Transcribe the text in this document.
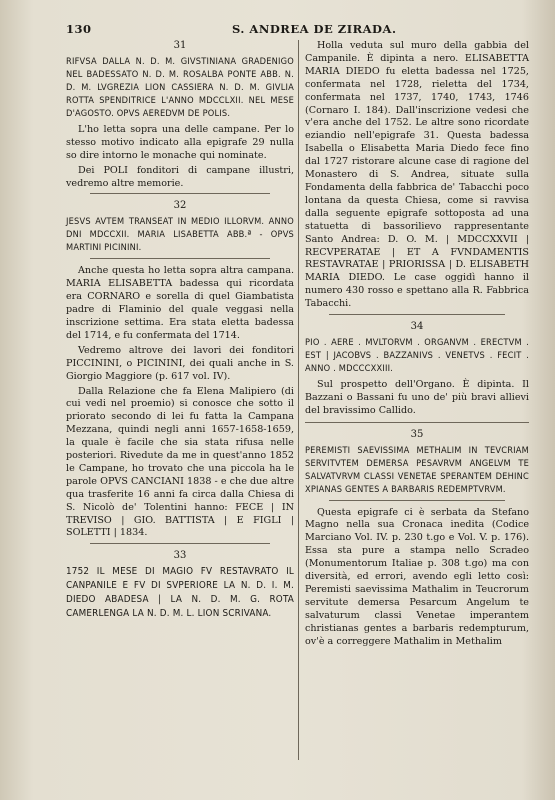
130	S. ANDREA DE ZIRADA.
31
RIFVSA DALLA N. D. M. GIVSTINIANA GRADENIGO NEL BADESSATO N. D. M. ROSALBA PONTE ABB. N. D. M. LVGREZIA LION CASSIERA N. D. M. GIVLIA ROTTA SPENDITRICE L'ANNO MDCCLXII. NEL MESE D'AGOSTO. OPVS AEREDVM DE POLIS.
L'ho letta sopra una delle campane. Per lo stesso motivo indicato alla epigrafe 29 nulla so dire intorno le monache qui nominate.
Dei POLI fonditori di campane illustri, vedremo altre memorie.
32
JESVS AVTEM TRANSEAT IN MEDIO ILLORVM. ANNO DNI MDCCXII. MARIA LISABETTA ABB.ª - OPVS MARTINI PICININI.
Anche questa ho letta sopra altra campana. MARIA ELISABETTA badessa qui ricordata era CORNARO e sorella di quel Giambatista padre di Flaminio del quale veggasi nella inscrizione settima. Era stata eletta badessa del 1714, e fu confermata del 1714.
Vedremo altrove dei lavori dei fonditori PICCININI, o PICININI, dei quali anche in S. Giorgio Maggiore (p. 617 vol. IV).
Dalla Relazione che fa Elena Malipiero (di cui vedi nel proemio) si conosce che sotto il priorato secondo di lei fu fatta la Campana Mezzana, quindi negli anni 1657-1658-1659, la quale è facile che sia stata rifusa nelle posteriori. Rivedute da me in quest'anno 1852 le Campane, ho trovato che una piccola ha le parole OPVS CANCIANI 1838 - e che due altre qua trasferite 16 anni fa circa dalla Chiesa di S. Nicolò de' Tolentini hanno: FECE | IN TREVISO | GIO. BATTISTA | E FIGLI | SOLETTI | 1834.
33
1752 IL MESE DI MAGIO FV RESTAVRATO IL CANPANILE E FV DI SVPERIORE LA N. D. I. M. DIEDO ABADESA | LA N. D. M. G. ROTA CAMERLENGA LA N. D. M. L. LION SCRIVANA.
Holla veduta sul muro della gabbia del Campanile. È dipinta a nero. ELISABETTA MARIA DIEDO fu eletta badessa nel 1725, confermata nel 1728, rieletta del 1734, confermata nel 1737, 1740, 1743, 1746 (Cornaro I. 184). Dall'inscrizione vedesi che v'era anche del 1752. Le altre sono ricordate eziandio nell'epigrafe 31. Questa badessa Isabella o Elisabetta Maria Diedo fece fino dal 1727 ristorare alcune case di ragione del Monastero di S. Andrea, situate sulla Fondamenta della fabbrica de' Tabacchi poco lontana da questa Chiesa, come si ravvisa dalla seguente epigrafe sottoposta ad una statuetta di bassorilievo rappresentante Santo Andrea: D. O. M. | MDCCXXVII | RECVPERATAE | ET A FVNDAMENTIS RESTAVRATAE | PRIORISSA | D. ELISABETH MARIA DIEDO. Le case oggidì hanno il numero 430 rosso e spettano alla R. Fabbrica Tabacchi.
34
PIO . AERE . MVLTORVM . ORGANVM . ERECTVM . EST | JACOBVS . BAZZANIVS . VENETVS . FECIT . ANNO . MDCCCXXIII.
Sul prospetto dell'Organo. È dipinta. Il Bazzani o Bassani fu uno de' più bravi allievi del bravissimo Callido.
35
PEREMISTI SAEVISSIMA METHALIM IN TEVCRIAM SERVITVTEM DEMERSA PESAVRVM ANGELVM TE SALVATVRVM CLASSI VENETAE SPERANTEM DEHINC XPIANAS GENTES A BARBARIS REDEMPTVRVM.
Questa epigrafe ci è serbata da Stefano Magno nella sua Cronaca inedita (Codice Marciano Vol. IV. p. 230 t.go e Vol. V. p. 176). Essa sta pure a stampa nello Scradeo (Monumentorum Italiae p. 308 t.go) ma con diversità, ed errori, avendo egli letto così: Peremisti saevissima Mathalim in Teucrorum servitute demersa Pesarcum Angelum te salvaturum classi Venetae imperantem christianas gentes a barbaris redempturum, ov'è a correggere Mathalim in Methalim
